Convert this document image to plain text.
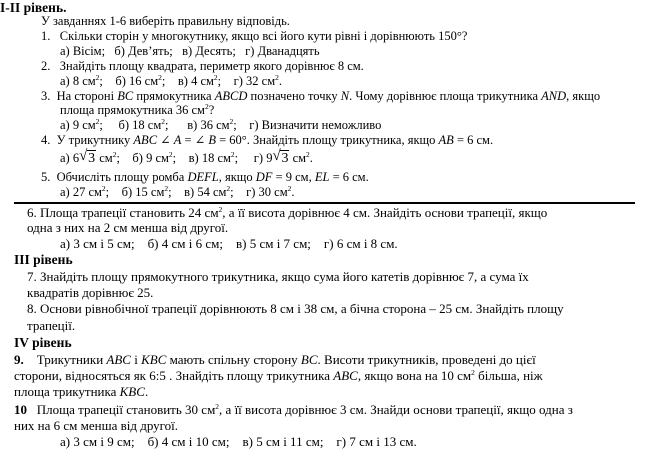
I-II рівень.
У завданнях 1-6 виберіть правильну відповідь.
1. Скільки сторін у многокутнику, якщо всі його кути рівні і дорівнюють 150°?
а) Вісім;   б) Дев’ять;   в) Десять;   г) Дванадцять
2. Знайдіть площу квадрата, периметр якого дорівнює 8 см.
а) 8 $см^2$;    б) 16 $см^2$;    в) 4 $см^2$;    г) 32 $см^2$.
3. На стороні BC прямокутника ABCD позначено точку N. Чому дорівнює площа трикутника AND, якщо
площа прямокутника 36 $см^2$?
а) 9 $см^2$;     б) 18 $см^2$;      в) 36 $см^2$;    г) Визначити неможливо
4. У трикутнику ABC ∠ A = ∠ B = 60°. Знайдіть площу трикутника, якщо AB = 6 см.
а) 6 √ 3 $см^2$;    б) 9 $см^2$;    в) 18 $см^2$;     г) 9 √ 3 $см^2$.
5. Обчисліть площу ромба DEFL, якщо DF = 9 см, EL = 6 см.
а) 27 $см^2$;    б) 15 $см^2$;    в) 54 $см^2$;    г) 30 $см^2$.
6. Площа трапеції становить 24 $см^2$, а її висота дорівнює 4 см. Знайдіть основи трапеції, якщо
одна з них на 2 см менша від другої.
а) 3 см і 5 см;    б) 4 см і 6 см;    в) 5 см і 7 см;    г) 6 см і 8 см.
III рівень
7. Знайдіть площу прямокутного трикутника, якщо сума його катетів дорівнює 7, а сума їх
квадратів дорівнює 25.
8. Основи рівнобічної трапеції дорівнюють 8 см і 38 см, а бічна сторона – 25 см. Знайдіть площу
трапеції.
IV рівень
9. Трикутники ABC і KBC мають спільну сторону BC. Висоти трикутників, проведені до цієї
сторони, відносяться як 6:5 . Знайдіть площу трикутника ABC, якщо вона на 10 $см^2$ більша, ніж
площа трикутника KBC.
10 Площа трапеції становить 30 $см^2$, а її висота дорівнює 3 см. Знайди основи трапеції, якщо одна з
них на 6 см менша від другої.
а) 3 см і 9 см;    б) 4 см і 10 см;    в) 5 см і 11 см;    г) 7 см і 13 см.
